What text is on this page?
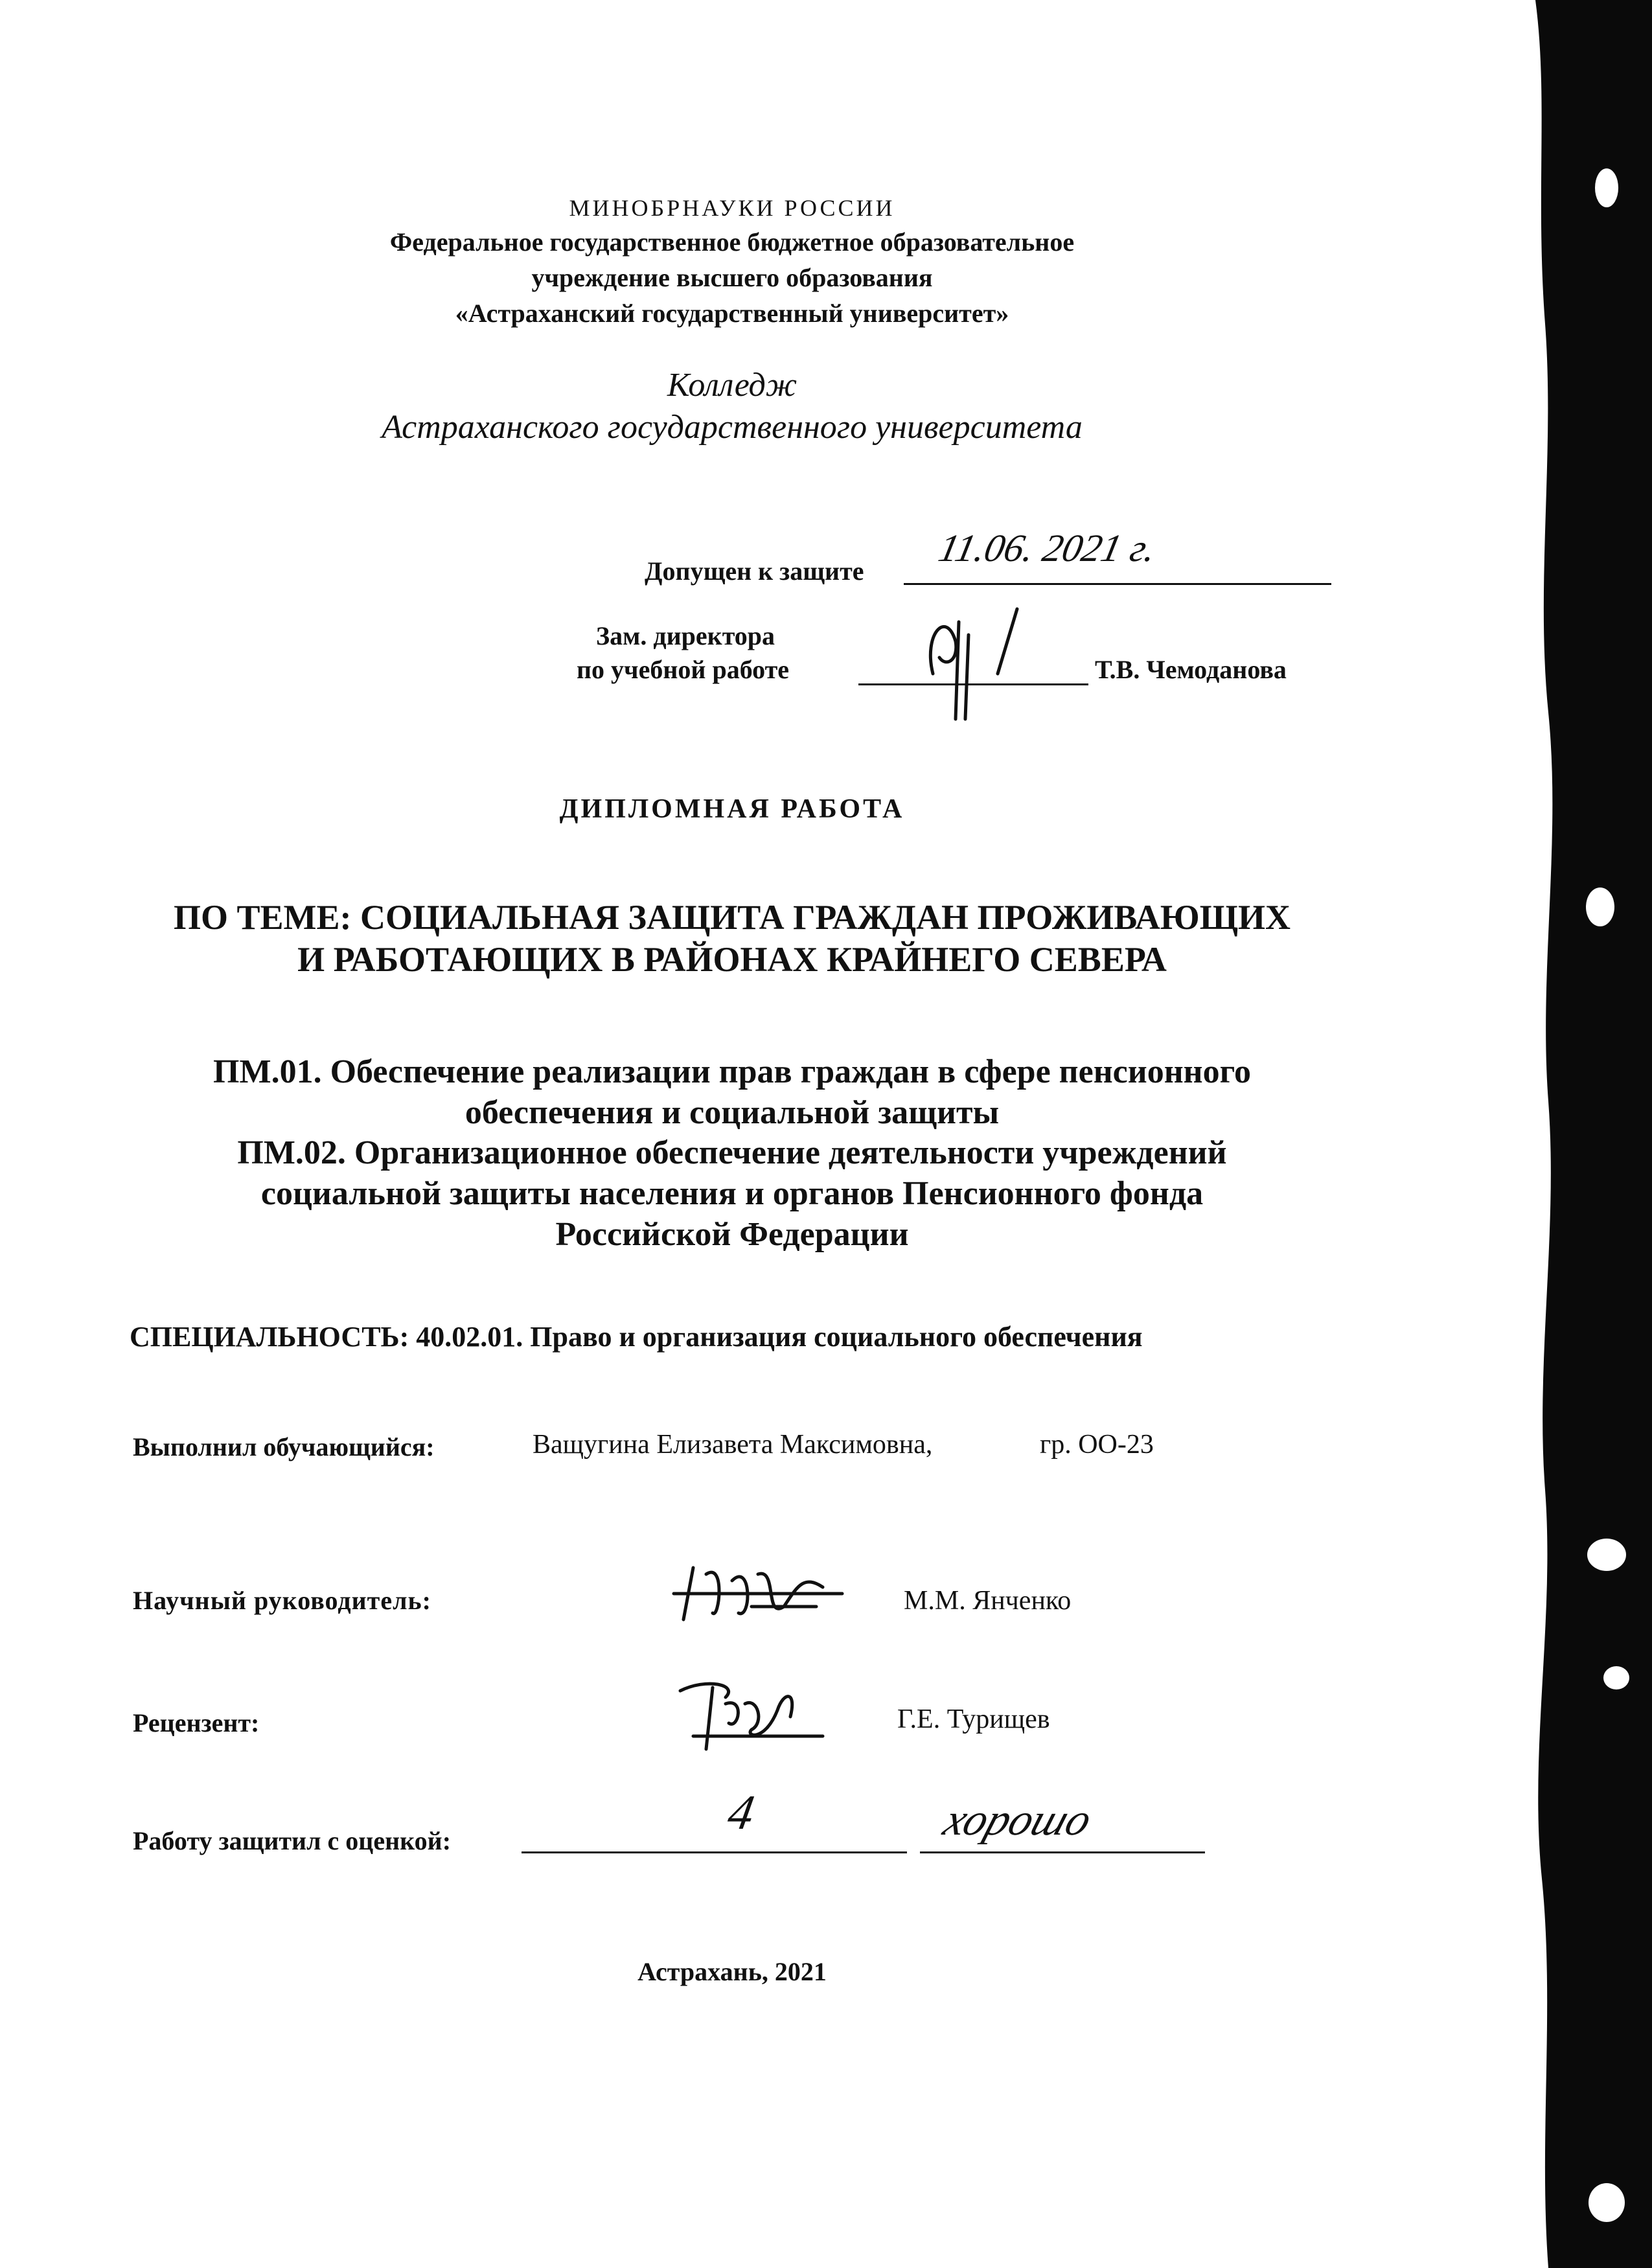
МИНОБРНАУКИ РОССИИ
Федеральное государственное бюджетное образовательное
учреждение высшего образования
«Астраханский государственный университет»
Колледж
Астраханского государственного университета
Допущен к защите
11.06. 2021 г.
Зам. директора
по учебной работе	Т.В. Чемоданова
ДИПЛОМНАЯ РАБОТА
ПО ТЕМЕ: СОЦИАЛЬНАЯ ЗАЩИТА ГРАЖДАН ПРОЖИВАЮЩИХ
И РАБОТАЮЩИХ В РАЙОНАХ КРАЙНЕГО СЕВЕРА
ПМ.01. Обеспечение реализации прав граждан в сфере пенсионного
обеспечения и социальной защиты
ПМ.02. Организационное обеспечение деятельности учреждений
социальной защиты населения и органов Пенсионного фонда
Российской Федерации
СПЕЦИАЛЬНОСТЬ: 40.02.01. Право и организация социального обеспечения
Выполнил обучающийся:	Ващугина Елизавета Максимовна,	гр. ОО-23
Научный руководитель:	М.М. Янченко
Рецензент:	Г.Е. Турищев
Работу защитил с оценкой:
4	хорошо
Астрахань, 2021
